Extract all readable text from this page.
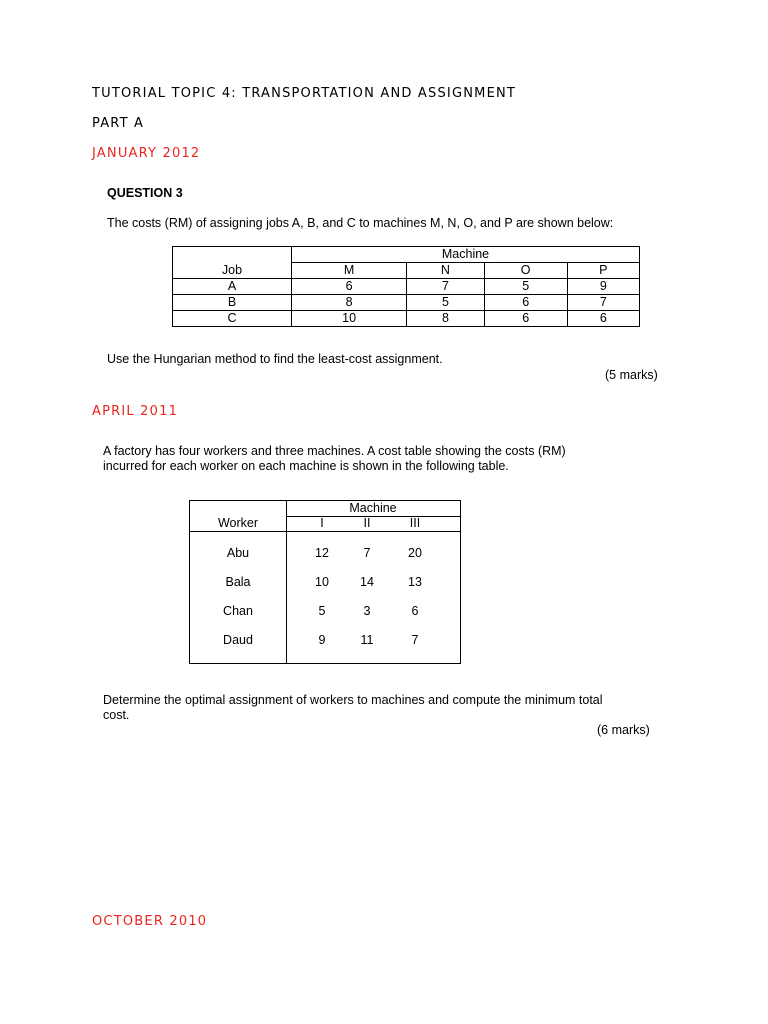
TUTORIAL TOPIC 4: TRANSPORTATION AND ASSIGNMENT
PART A
JANUARY 2012
QUESTION 3
The costs (RM) of assigning jobs A, B, and C to machines M, N, O, and P are shown below:
	Machine			
Job	M	N	O	P
A	6	7	5	9
B	8	5	6	7
C	10	8	6	6
Use the Hungarian method to find the least-cost assignment.
(5 marks)
APRIL 2011
A factory has four workers and three machines. A cost table showing the costs (RM)
incurred for each worker on each machine is shown in the following table.
Machine
Worker	I	II	III
Abu	12	7	20
Bala	10	14	13
Chan	5	3	6
Daud	9	11	7
Determine the optimal assignment of workers to machines and compute the minimum total
cost.
(6 marks)
OCTOBER 2010
